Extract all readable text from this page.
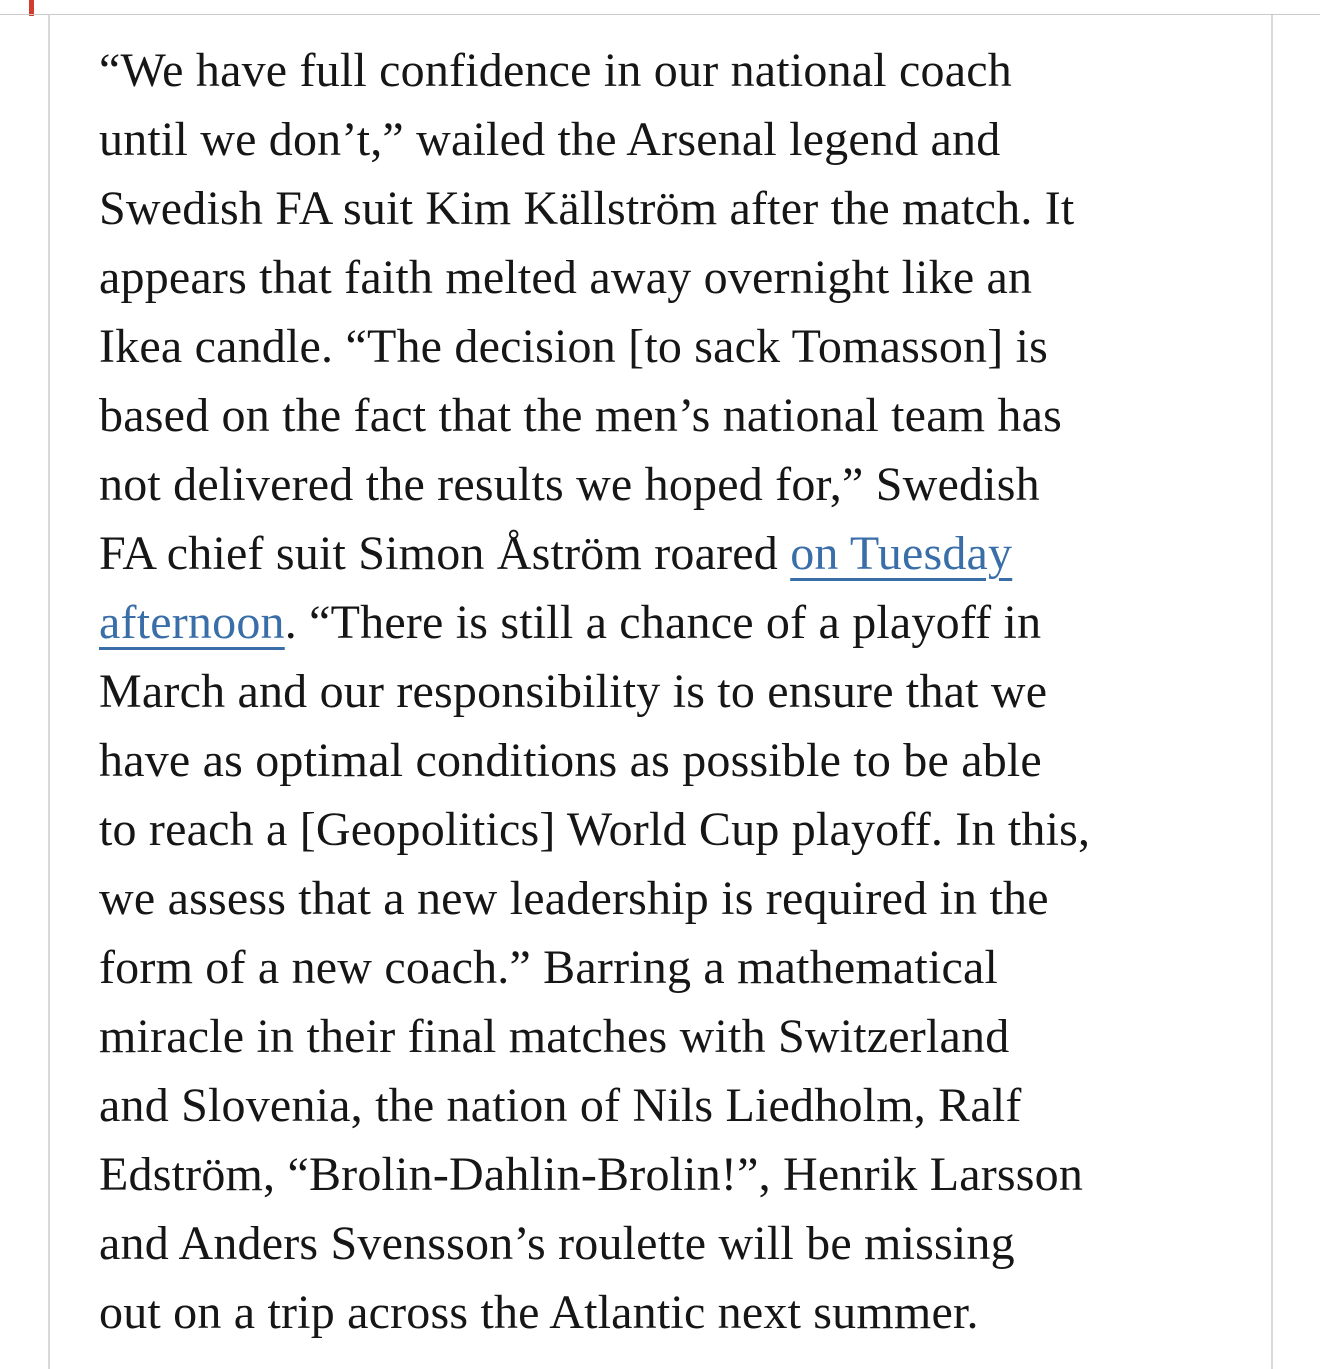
“We have full confidence in our national coach
until we don’t,” wailed the Arsenal legend and
Swedish FA suit Kim Källström after the match. It
appears that faith melted away overnight like an
Ikea candle. “The decision [to sack Tomasson] is
based on the fact that the men’s national team has
not delivered the results we hoped for,” Swedish
FA chief suit Simon Åström roared on Tuesday
afternoon. “There is still a chance of a playoff in
March and our responsibility is to ensure that we
have as optimal conditions as possible to be able
to reach a [Geopolitics] World Cup playoff. In this,
we assess that a new leadership is required in the
form of a new coach.” Barring a mathematical
miracle in their final matches with Switzerland
and Slovenia, the nation of Nils Liedholm, Ralf
Edström, “Brolin-Dahlin-Brolin!”, Henrik Larsson
and Anders Svensson’s roulette will be missing
out on a trip across the Atlantic next summer.
